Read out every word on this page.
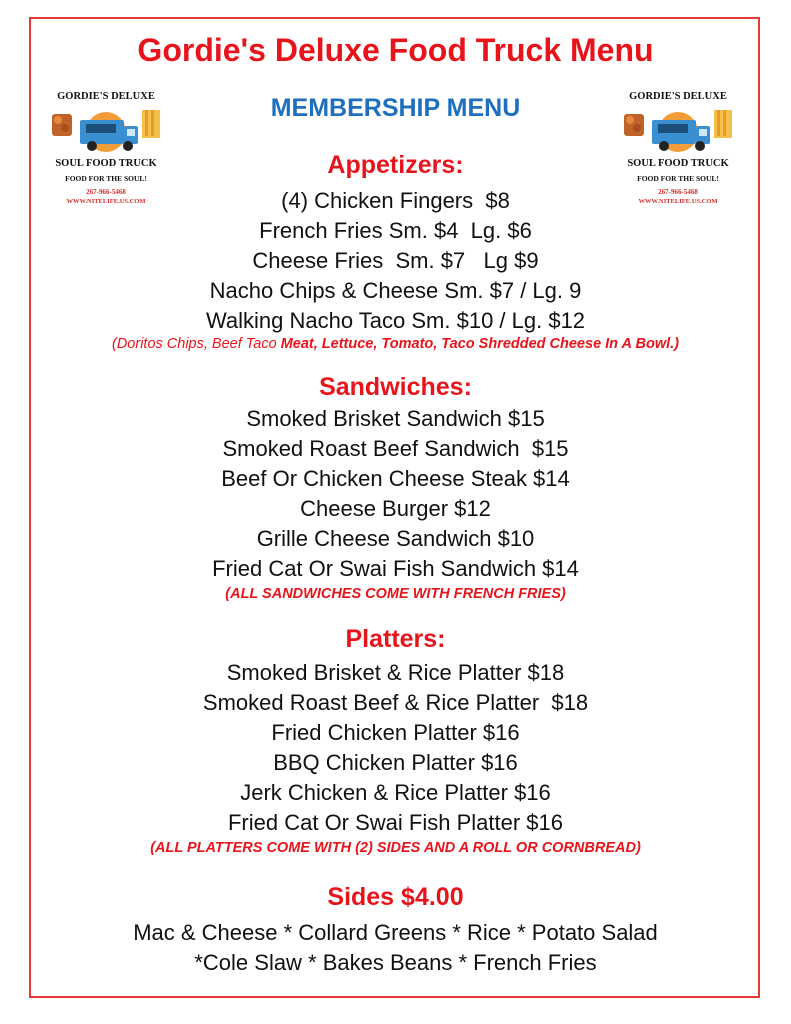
Gordie's Deluxe Food Truck Menu
MEMBERSHIP MENU
GORDIE'S DELUXE
SOUL FOOD TRUCK
FOOD FOR THE SOUL!
267-966-5468
WWW.NITELIFE.US.COM
GORDIE'S DELUXE
SOUL FOOD TRUCK
FOOD FOR THE SOUL!
267-966-5468
WWW.NITELIFE.US.COM
Appetizers:
(4) Chicken Fingers  $8
French Fries Sm. $4  Lg. $6
Cheese Fries  Sm. $7   Lg $9
Nacho Chips & Cheese Sm. $7 / Lg. 9
Walking Nacho Taco Sm. $10 / Lg. $12
(Doritos Chips, Beef Taco Meat, Lettuce, Tomato, Taco Shredded Cheese In A Bowl.)
Sandwiches:
Smoked Brisket Sandwich $15
Smoked Roast Beef Sandwich  $15
Beef Or Chicken Cheese Steak $14
Cheese Burger $12
Grille Cheese Sandwich $10
Fried Cat Or Swai Fish Sandwich $14
(ALL SANDWICHES COME WITH FRENCH FRIES)
Platters:
Smoked Brisket & Rice Platter $18
Smoked Roast Beef & Rice Platter  $18
Fried Chicken Platter $16
BBQ Chicken Platter $16
Jerk Chicken & Rice Platter $16
Fried Cat Or Swai Fish Platter $16
(ALL PLATTERS COME WITH (2) SIDES AND A ROLL OR CORNBREAD)
Sides $4.00
Mac & Cheese * Collard Greens * Rice * Potato Salad
*Cole Slaw * Bakes Beans * French Fries
